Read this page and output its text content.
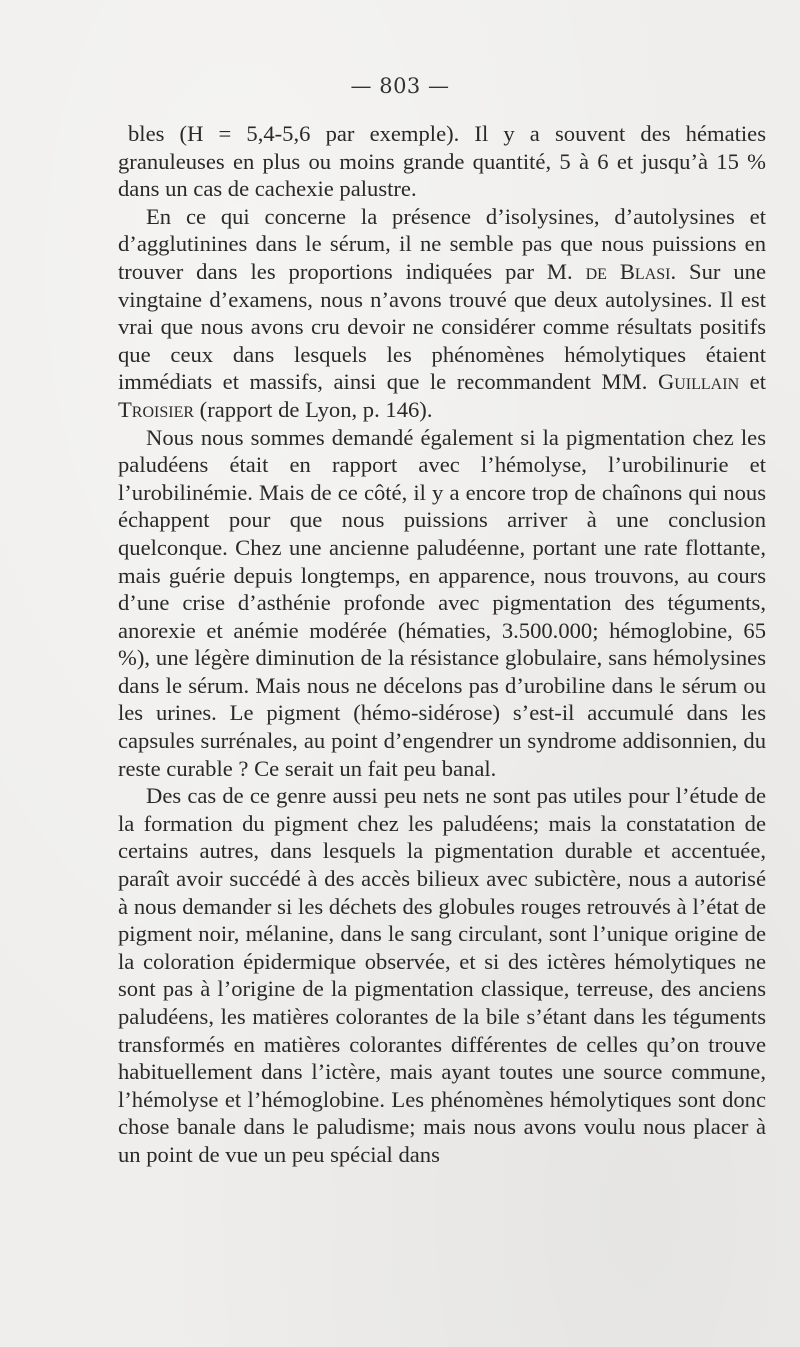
— 803 —

bles (H = 5,4-5,6 par exemple). Il y a souvent des hématies granuleuses en plus ou moins grande quantité, 5 à 6 et jusqu’à 15 % dans un cas de cachexie palustre.

En ce qui concerne la présence d’isolysines, d’autolysines et d’agglutinines dans le sérum, il ne semble pas que nous puissions en trouver dans les proportions indiquées par M. de Blasi. Sur une vingtaine d’examens, nous n’avons trouvé que deux autolysines. Il est vrai que nous avons cru devoir ne considérer comme résultats positifs que ceux dans lesquels les phénomènes hémolytiques étaient immédiats et massifs, ainsi que le recommandent MM. Guillain et Troisier (rapport de Lyon, p. 146).

Nous nous sommes demandé également si la pigmentation chez les paludéens était en rapport avec l’hémolyse, l’urobilinurie et l’urobilinémie. Mais de ce côté, il y a encore trop de chaînons qui nous échappent pour que nous puissions arriver à une conclusion quelconque. Chez une ancienne paludéenne, portant une rate flottante, mais guérie depuis longtemps, en apparence, nous trouvons, au cours d’une crise d’asthénie profonde avec pigmentation des téguments, anorexie et anémie modérée (hématies, 3.500.000; hémoglobine, 65 %), une légère diminution de la résistance globulaire, sans hémolysines dans le sérum. Mais nous ne décelons pas d’urobiline dans le sérum ou les urines. Le pigment (hémo-sidérose) s’est-il accumulé dans les capsules surrénales, au point d’engendrer un syndrome addisonnien, du reste curable ? Ce serait un fait peu banal.

Des cas de ce genre aussi peu nets ne sont pas utiles pour l’étude de la formation du pigment chez les paludéens; mais la constatation de certains autres, dans lesquels la pigmentation durable et accentuée, paraît avoir succédé à des accès bilieux avec subictère, nous a autorisé à nous demander si les déchets des globules rouges retrouvés à l’état de pigment noir, mélanine, dans le sang circulant, sont l’unique origine de la coloration épidermique observée, et si des ictères hémolytiques ne sont pas à l’origine de la pigmentation classique, terreuse, des anciens paludéens, les matières colorantes de la bile s’étant dans les téguments transformés en matières colorantes différentes de celles qu’on trouve habituellement dans l’ictère, mais ayant toutes une source commune, l’hémolyse et l’hémoglobine. Les phénomènes hémolytiques sont donc chose banale dans le paludisme; mais nous avons voulu nous placer à un point de vue un peu spécial dans
